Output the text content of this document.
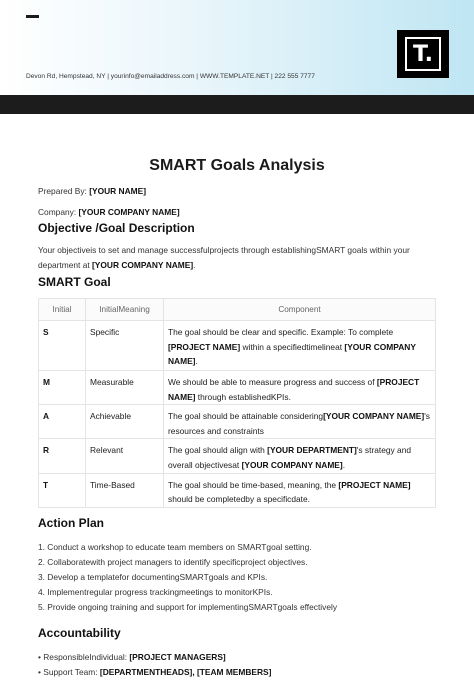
Devon Rd, Hempstead, NY | yourinfo@emailaddress.com | WWW.TEMPLATE.NET | 222 555 7777
T.
SMART Goals Analysis
Prepared By: [YOUR NAME]
Company: [YOUR COMPANY NAME]
Objective /Goal Description
Your objectiveis to set and manage successfulprojects through establishingSMART goals within your department at [YOUR COMPANY NAME].
SMART Goal
Initial	InitialMeaning	Component
S	Specific	The goal should be clear and specific. Example: To complete [PROJECT NAME] within a specifiedtimelineat [YOUR COMPANY NAME].
M	Measurable	We should be able to measure progress and success of [PROJECT NAME] through establishedKPIs.
A	Achievable	The goal should be attainable considering[YOUR COMPANY NAME]'s resources and constraints
R	Relevant	The goal should align with [YOUR DEPARTMENT]'s strategy and overall objectivesat [YOUR COMPANY NAME].
T	Time-Based	The goal should be time-based, meaning, the [PROJECT NAME] should be completedby a specificdate.
Action Plan
1. Conduct a workshop to educate team members on SMARTgoal setting.
2. Collaboratewith project managers to identify specificproject objectives.
3. Develop a templatefor documentingSMARTgoals and KPIs.
4. Implementregular progress trackingmeetings to monitorKPIs.
5. Provide ongoing training and support for implementingSMARTgoals effectively
Accountability
• ResponsibleIndividual: [PROJECT MANAGERS]
• Support Team: [DEPARTMENTHEADS], [TEAM MEMBERS]
